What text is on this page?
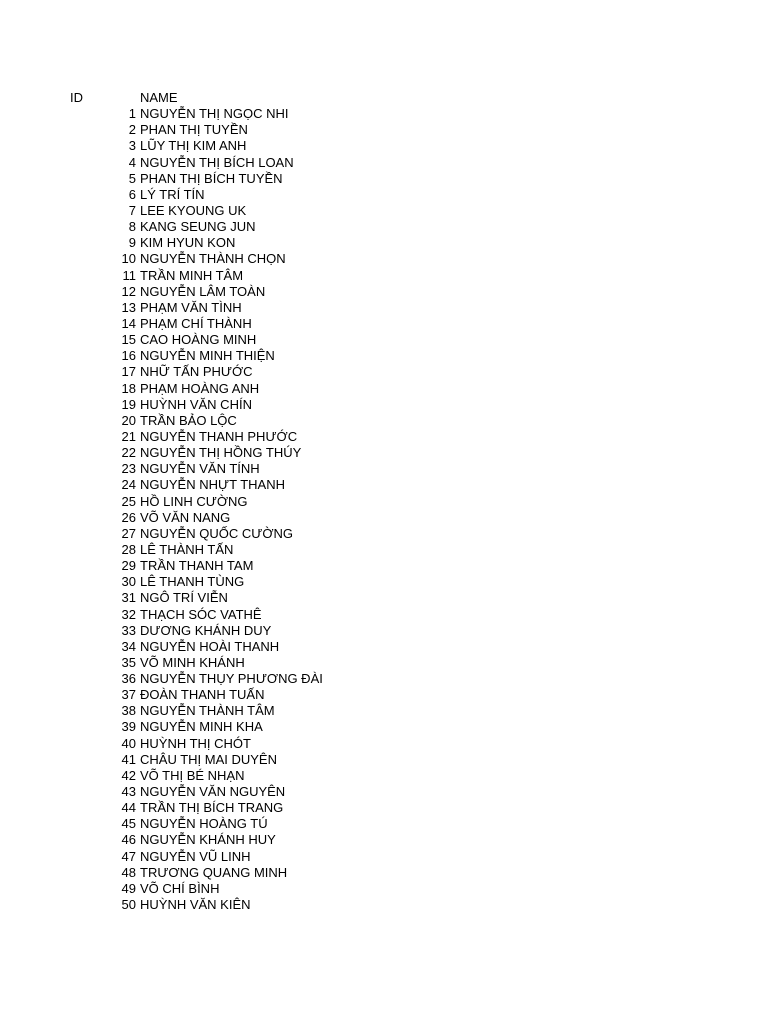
ID	NAME
1 NGUYỄN THỊ NGỌC NHI
2 PHAN THỊ TUYỀN
3 LŨY THỊ KIM ANH
4 NGUYỄN THỊ BÍCH LOAN
5 PHAN THỊ BÍCH TUYỀN
6 LÝ TRÍ TÍN
7 LEE KYOUNG UK
8 KANG SEUNG JUN
9 KIM HYUN KON
10 NGUYỄN THÀNH CHỌN
11 TRẦN MINH TÂM
12 NGUYỄN LÂM TOÀN
13 PHẠM VĂN TÌNH
14 PHẠM CHÍ THÀNH
15 CAO HOÀNG MINH
16 NGUYỄN MINH THIỆN
17 NHỮ TẤN PHƯỚC
18 PHẠM HOÀNG ANH
19 HUỲNH VĂN CHÍN
20 TRẦN BẢO LỘC
21 NGUYỄN THANH PHƯỚC
22 NGUYỄN THỊ HỒNG THÚY
23 NGUYỄN VĂN TÍNH
24 NGUYỄN NHỰT THANH
25 HỒ LINH CƯỜNG
26 VÕ VĂN NANG
27 NGUYỄN QUỐC CƯỜNG
28 LÊ THÀNH TẤN
29 TRẦN THANH TAM
30 LÊ THANH TÙNG
31 NGÔ TRÍ VIỄN
32 THẠCH SÓC VATHÊ
33 DƯƠNG KHÁNH DUY
34 NGUYỄN HOÀI THANH
35 VÕ MINH KHÁNH
36 NGUYỄN THỤY PHƯƠNG ĐÀI
37 ĐOÀN THANH TUẤN
38 NGUYỄN THÀNH TÂM
39 NGUYỄN MINH KHA
40 HUỲNH THỊ CHÓT
41 CHÂU THỊ MAI DUYÊN
42 VÕ THỊ BÉ NHẠN
43 NGUYỄN VĂN NGUYÊN
44 TRẦN THỊ BÍCH TRANG
45 NGUYỄN HOÀNG TÚ
46 NGUYỄN KHÁNH HUY
47 NGUYỄN VŨ LINH
48 TRƯƠNG QUANG MINH
49 VÕ CHÍ BÌNH
50 HUỲNH VĂN KIÊN
